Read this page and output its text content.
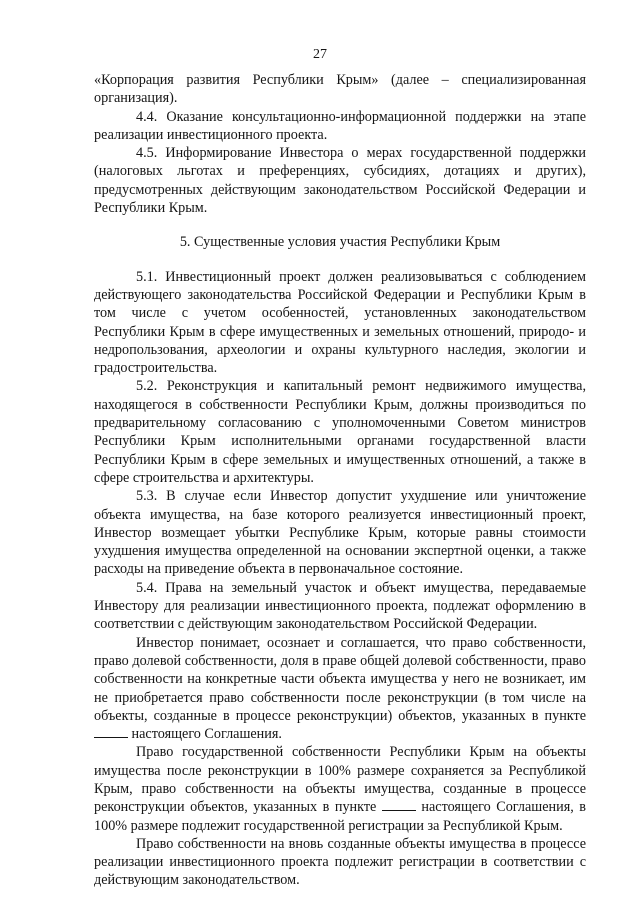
27

«Корпорация развития Республики Крым» (далее – специализированная организация).

4.4. Оказание консультационно-информационной поддержки на этапе реализации инвестиционного проекта.

4.5. Информирование Инвестора о мерах государственной поддержки (налоговых льготах и преференциях, субсидиях, дотациях и других), предусмотренных действующим законодательством Российской Федерации и Республики Крым.

5. Существенные условия участия Республики Крым

5.1. Инвестиционный проект должен реализовываться с соблюдением действующего законодательства Российской Федерации и Республики Крым в том числе с учетом особенностей, установленных законодательством Республики Крым в сфере имущественных и земельных отношений, природо- и недропользования, археологии и охраны культурного наследия, экологии и градостроительства.

5.2. Реконструкция и капитальный ремонт недвижимого имущества, находящегося в собственности Республики Крым, должны производиться по предварительному согласованию с уполномоченными Советом министров Республики Крым исполнительными органами государственной власти Республики Крым в сфере земельных и имущественных отношений, а также в сфере строительства и архитектуры.

5.3. В случае если Инвестор допустит ухудшение или уничтожение объекта имущества, на базе которого реализуется инвестиционный проект, Инвестор возмещает убытки Республике Крым, которые равны стоимости ухудшения имущества определенной на основании экспертной оценки, а также расходы на приведение объекта в первоначальное состояние.

5.4. Права на земельный участок и объект имущества, передаваемые Инвестору для реализации инвестиционного проекта, подлежат оформлению в соответствии с действующим законодательством Российской Федерации.

Инвестор понимает, осознает и соглашается, что право собственности, право долевой собственности, доля в праве общей долевой собственности, право собственности на конкретные части объекта имущества у него не возникает, им не приобретается право собственности после реконструкции (в том числе на объекты, созданные в процессе реконструкции) объектов, указанных в пункте  настоящего Соглашения.

Право государственной собственности Республики Крым на объекты имущества после реконструкции в 100% размере сохраняется за Республикой Крым, право собственности на объекты имущества, созданные в процессе реконструкции объектов, указанных в пункте	настоящего Соглашения, в 100% размере подлежит государственной регистрации за Республикой Крым.

Право собственности на вновь созданные объекты имущества в процессе реализации инвестиционного проекта подлежит регистрации в соответствии с действующим законодательством.
